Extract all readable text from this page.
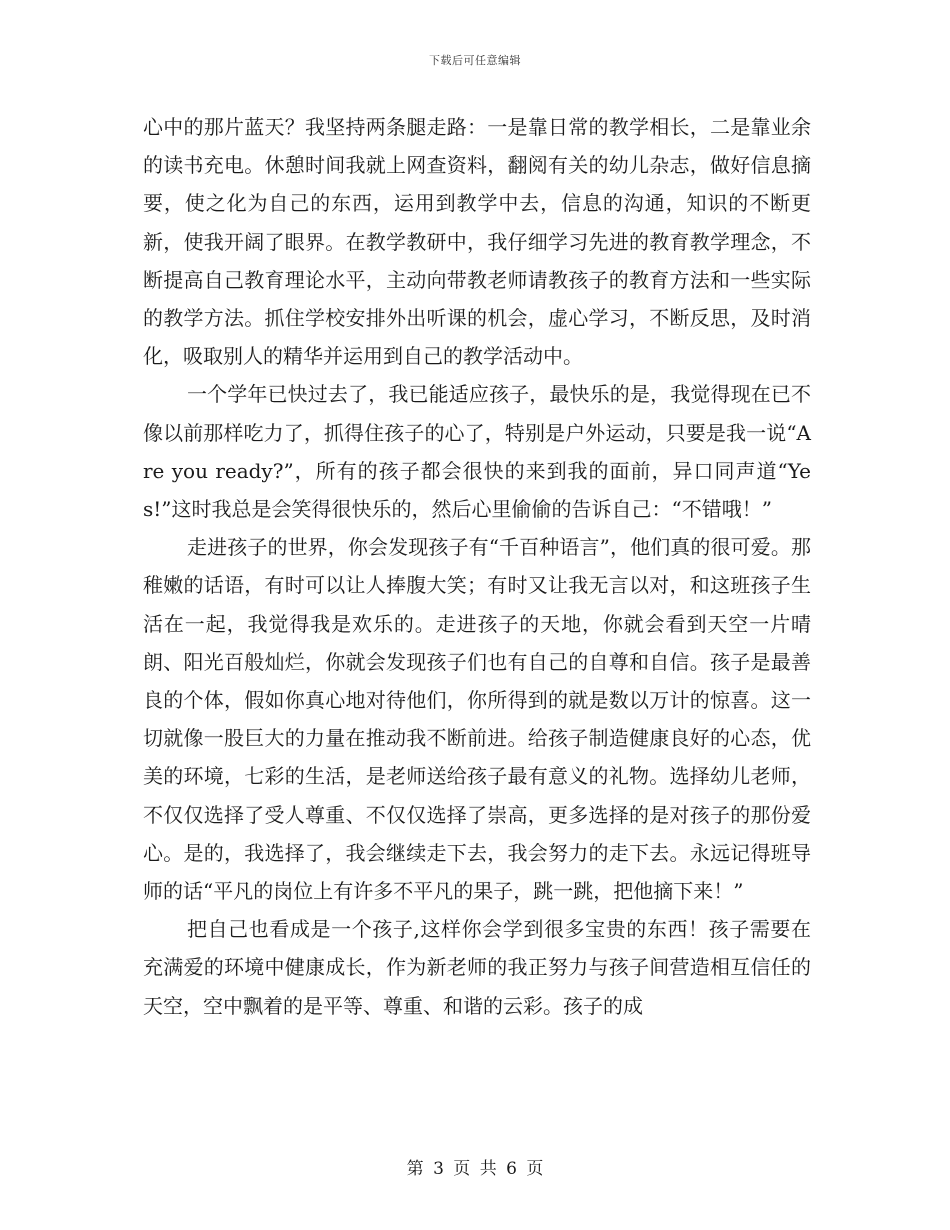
下载后可任意编辑

心中的那片蓝天？我坚持两条腿走路：一是靠日常的教学相长，二是靠业余的读书充电。休憩时间我就上网查资料，翻阅有关的幼儿杂志，做好信息摘要，使之化为自己的东西，运用到教学中去，信息的沟通，知识的不断更新，使我开阔了眼界。在教学教研中，我仔细学习先进的教育教学理念，不断提高自己教育理论水平，主动向带教老师请教孩子的教育方法和一些实际的教学方法。抓住学校安排外出听课的机会，虚心学习，不断反思，及时消化，吸取别人的精华并运用到自己的教学活动中。

一个学年已快过去了，我已能适应孩子，最快乐的是，我觉得现在已不像以前那样吃力了，抓得住孩子的心了，特别是户外运动，只要是我一说“Are you ready?”，所有的孩子都会很快的来到我的面前，异口同声道“Yes!”这时我总是会笑得很快乐的，然后心里偷偷的告诉自己：“不错哦！”

走进孩子的世界，你会发现孩子有“千百种语言”，他们真的很可爱。那稚嫩的话语，有时可以让人捧腹大笑；有时又让我无言以对，和这班孩子生活在一起，我觉得我是欢乐的。走进孩子的天地，你就会看到天空一片晴朗、阳光百般灿烂，你就会发现孩子们也有自己的自尊和自信。孩子是最善良的个体，假如你真心地对待他们，你所得到的就是数以万计的惊喜。这一切就像一股巨大的力量在推动我不断前进。给孩子制造健康良好的心态，优美的环境，七彩的生活，是老师送给孩子最有意义的礼物。选择幼儿老师，不仅仅选择了受人尊重、不仅仅选择了崇高，更多选择的是对孩子的那份爱心。是的，我选择了，我会继续走下去，我会努力的走下去。永远记得班导师的话“平凡的岗位上有许多不平凡的果子，跳一跳，把他摘下来！”

把自己也看成是一个孩子,这样你会学到很多宝贵的东西！孩子需要在充满爱的环境中健康成长，作为新老师的我正努力与孩子间营造相互信任的天空，空中飘着的是平等、尊重、和谐的云彩。孩子的成

第 3 页 共 6 页
